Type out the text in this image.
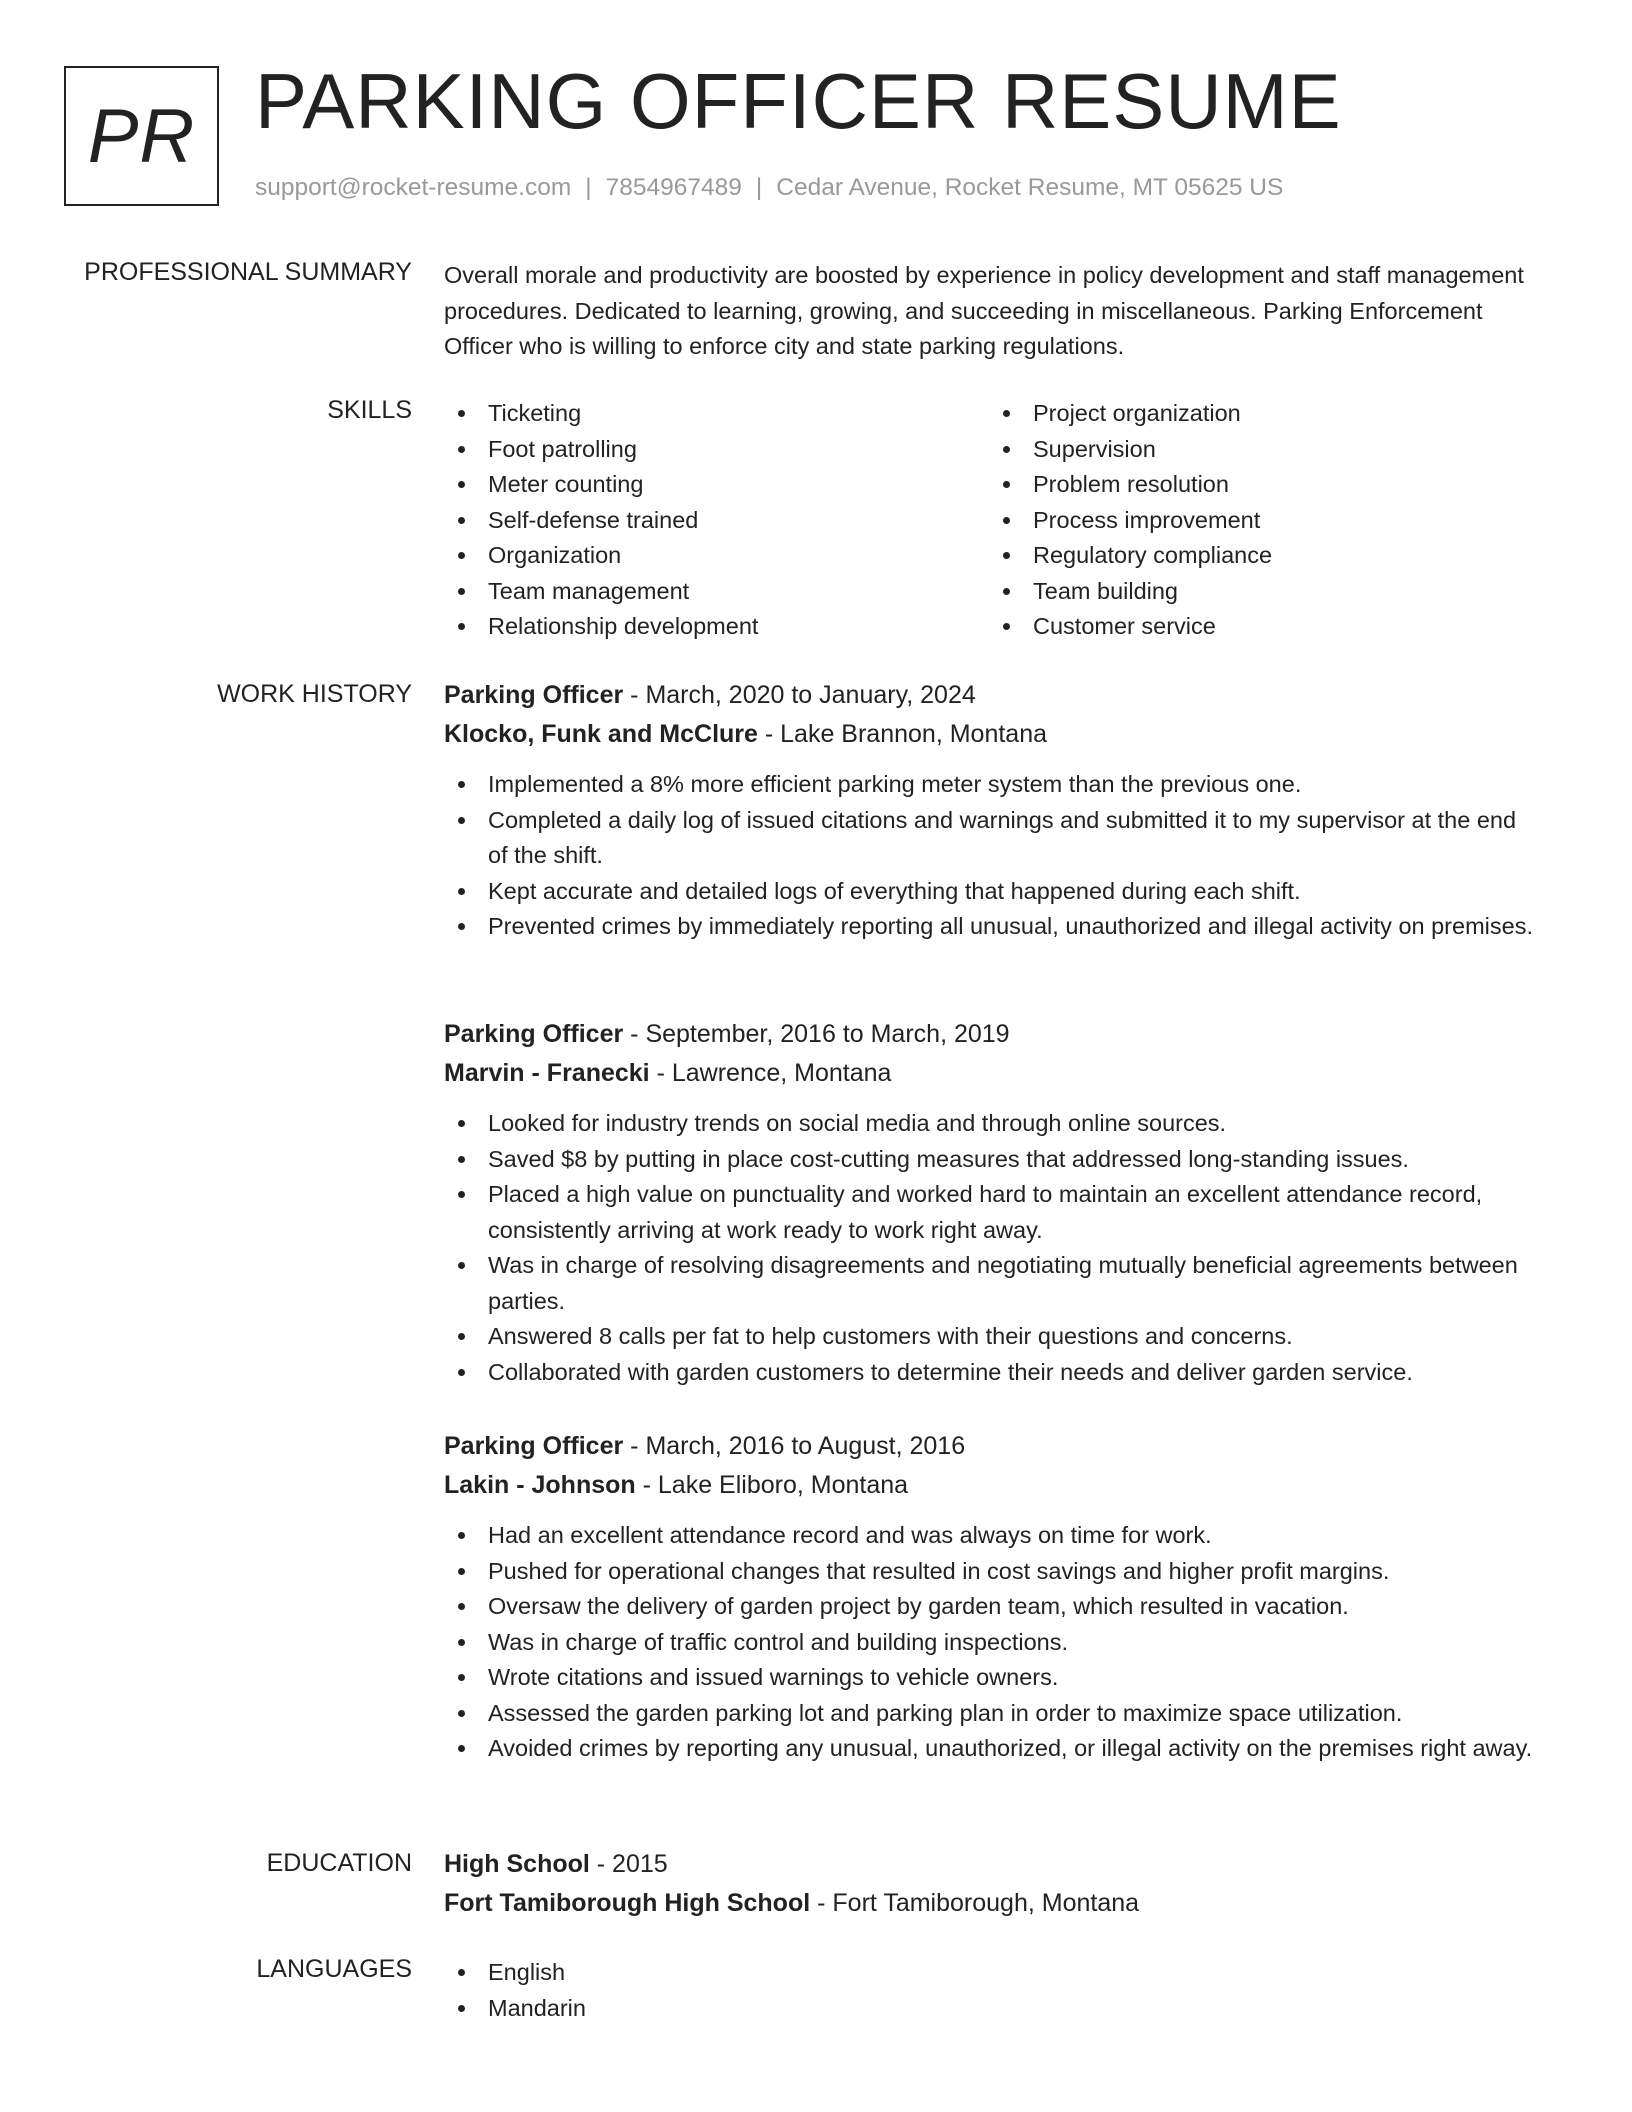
PR PARKING OFFICER RESUME
support@rocket-resume.com | 7854967489 | Cedar Avenue, Rocket Resume, MT 05625 US
PROFESSIONAL SUMMARY Overall morale and productivity are boosted by experience in policy development and staff management procedures. Dedicated to learning, growing, and succeeding in miscellaneous. Parking Enforcement Officer who is willing to enforce city and state parking regulations.

SKILLS	Ticketing
Foot patrolling
Meter counting
Self-defense trained
Organization
Team management
Relationship development
Project organization
Supervision
Problem resolution
Process improvement
Regulatory compliance
Team building
Customer service
WORK HISTORY Parking Officer - March, 2020 to January, 2024
Klocko, Funk and McClure - Lake Brannon, Montana
Implemented a 8% more efficient parking meter system than the previous one.
Completed a daily log of issued citations and warnings and submitted it to my supervisor at the end of the shift.
Kept accurate and detailed logs of everything that happened during each shift.
Prevented crimes by immediately reporting all unusual, unauthorized and illegal activity on premises.
Parking Officer - September, 2016 to March, 2019
Marvin - Franecki - Lawrence, Montana
Looked for industry trends on social media and through online sources.
Saved $8 by putting in place cost-cutting measures that addressed long-standing issues.
Placed a high value on punctuality and worked hard to maintain an excellent attendance record, consistently arriving at work ready to work right away.
Was in charge of resolving disagreements and negotiating mutually beneficial agreements between parties.
Answered 8 calls per fat to help customers with their questions and concerns.
Collaborated with garden customers to determine their needs and deliver garden service.
Parking Officer - March, 2016 to August, 2016
Lakin - Johnson - Lake Eliboro, Montana
Had an excellent attendance record and was always on time for work.
Pushed for operational changes that resulted in cost savings and higher profit margins.
Oversaw the delivery of garden project by garden team, which resulted in vacation.
Was in charge of traffic control and building inspections.
Wrote citations and issued warnings to vehicle owners.
Assessed the garden parking lot and parking plan in order to maximize space utilization.
Avoided crimes by reporting any unusual, unauthorized, or illegal activity on the premises right away.
EDUCATION High School - 2015
Fort Tamiborough High School - Fort Tamiborough, Montana
LANGUAGES	English
Mandarin
